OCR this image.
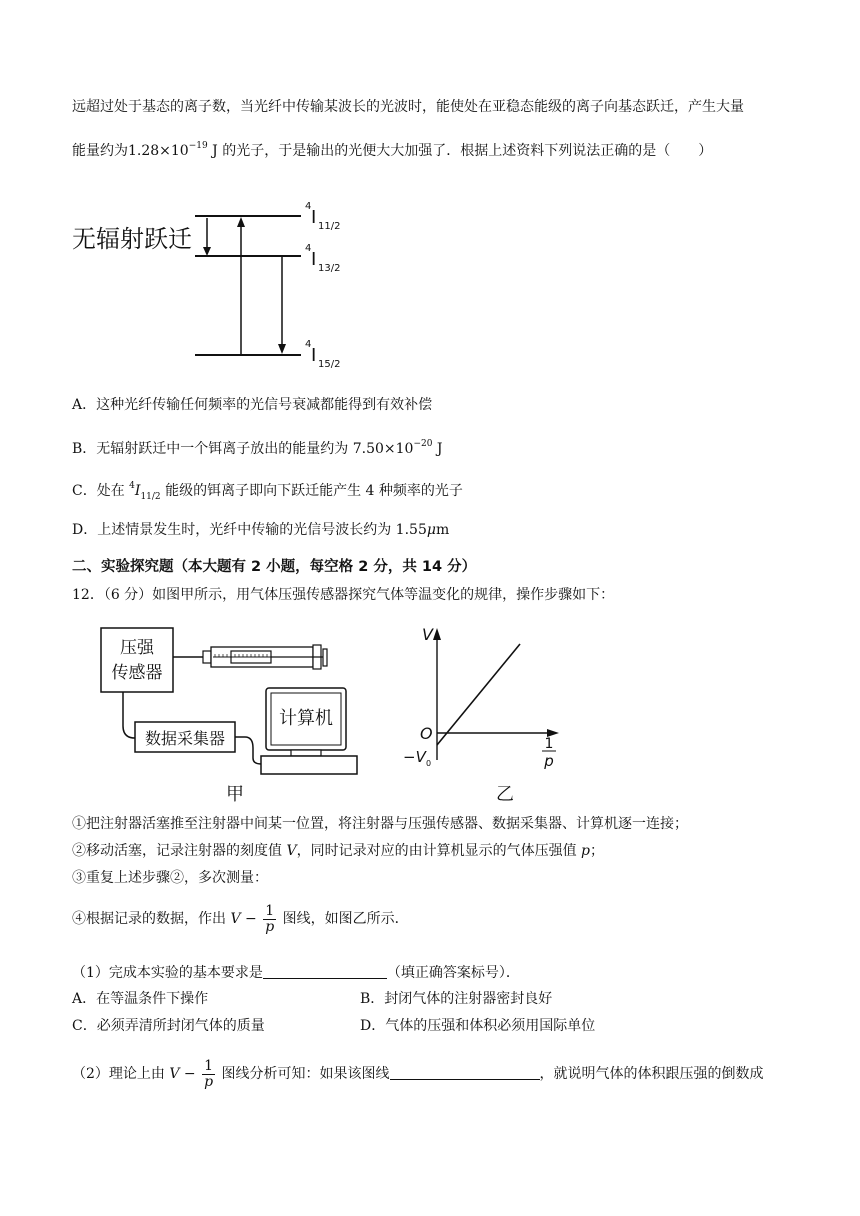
远超过处于基态的离子数，当光纤中传输某波长的光波时，能使处在亚稳态能级的离子向基态跃迁，产生大量
能量约为$1.28\times 10^{-19}$ J 的光子，于是输出的光便大大加强了．根据上述资料下列说法正确的是（　　）
无辐射跃迁
4
I 11/2
4
I 13/2
4
I 15/2
A．这种光纤传输任何频率的光信号衰减都能得到有效补偿
B．无辐射跃迁中一个铒离子放出的能量约为 $7.50\times 10^{-20}$ J
C．处在 $^4I_{11/2}$ 能级的铒离子即向下跃迁能产生 4 种频率的光子
D．上述情景发生时，光纤中传输的光信号波长约为 1.55μm
二、实验探究题（本大题有 2 小题，每空格 2 分，共 14 分）
12．（6 分）如图甲所示，用气体压强传感器探究气体等温变化的规律，操作步骤如下：
压强
传感器
数据采集器
计算机
甲
V
O
−V 0
1
p
乙
①把注射器活塞推至注射器中间某一位置，将注射器与压强传感器、数据采集器、计算机逐一连接；
②移动活塞，记录注射器的刻度值 V，同时记录对应的由计算机显示的气体压强值 p；
③重复上述步骤②，多次测量：
④根据记录的数据，作出 $V - \frac{1}{p}$ 图线，如图乙所示．
（1）完成本实验的基本要求是	（填正确答案标号）．
A．在等温条件下操作	B．封闭气体的注射器密封良好
C．必须弄清所封闭气体的质量	D．气体的压强和体积必须用国际单位
（2）理论上由 $V - \frac{1}{p}$ 图线分析可知：如果该图线	，就说明气体的体积跟压强的倒数成
